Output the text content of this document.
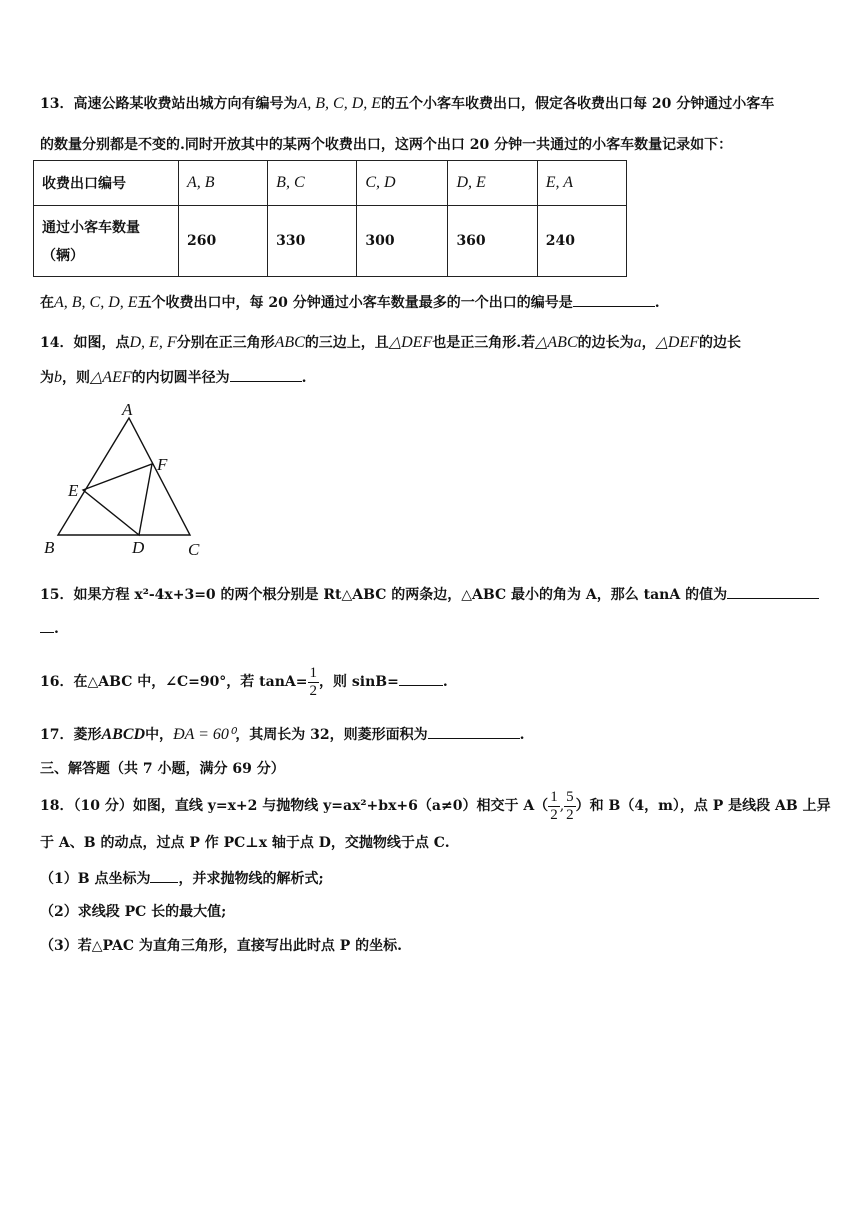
13．高速公路某收费站出城方向有编号为A, B, C, D, E的五个小客车收费出口，假定各收费出口每 20 分钟通过小客车
的数量分别都是不变的.同时开放其中的某两个收费出口，这两个出口 20 分钟一共通过的小客车数量记录如下：
收费出口编号	A, B	B, C	C, D	D, E	E, A

通过小客车数量
（辆）	260	330	300	360	240
在A, B, C, D, E五个收费出口中，每 20 分钟通过小客车数量最多的一个出口的编号是	.
14．如图，点D, E, F分别在正三角形ABC的三边上，且△DEF也是正三角形.若△ABC的边长为a，△DEF的边长
为b，则△AEF的内切圆半径为	.
A
B	C
D
E
F
15．如果方程 x²-4x+3=0 的两个根分别是 Rt△ABC 的两条边，△ABC 最小的角为 A，那么 tanA 的值为
.
16．在△ABC 中，∠C=90°，若 $\tan A= \frac{1}{2}$ ，则 sinB=	.
17．菱形ABCD中，ÐA = 60⁰，其周长为 32，则菱形面积为	.
三、解答题（共 7 小题，满分 69 分）
18．（10 分）如图，直线 y=x+2 与抛物线 y=ax²+bx+6（a≠0）相交于 $A( \frac{1}{2}$ , $\frac{5}{2}$ ）和 B（4，m），点 P 是线段 AB 上异
于 A、B 的动点，过点 P 作 PC⊥x 轴于点 D，交抛物线于点 C.
（1）B 点坐标为 ，并求抛物线的解析式;
（2）求线段 PC 长的最大值;
（3）若△PAC 为直角三角形，直接写出此时点 P 的坐标.
